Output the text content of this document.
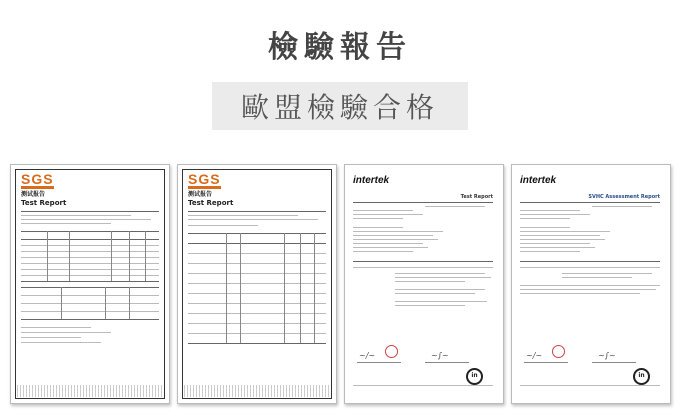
檢驗報告
歐盟檢驗合格
SGS
测试报告
Test Report
SGS
测试报告
Test Report
intertek
Test Report
~/~	~∫~
in
intertek
SVHC Assessment Report
~/~	~∫~
in
